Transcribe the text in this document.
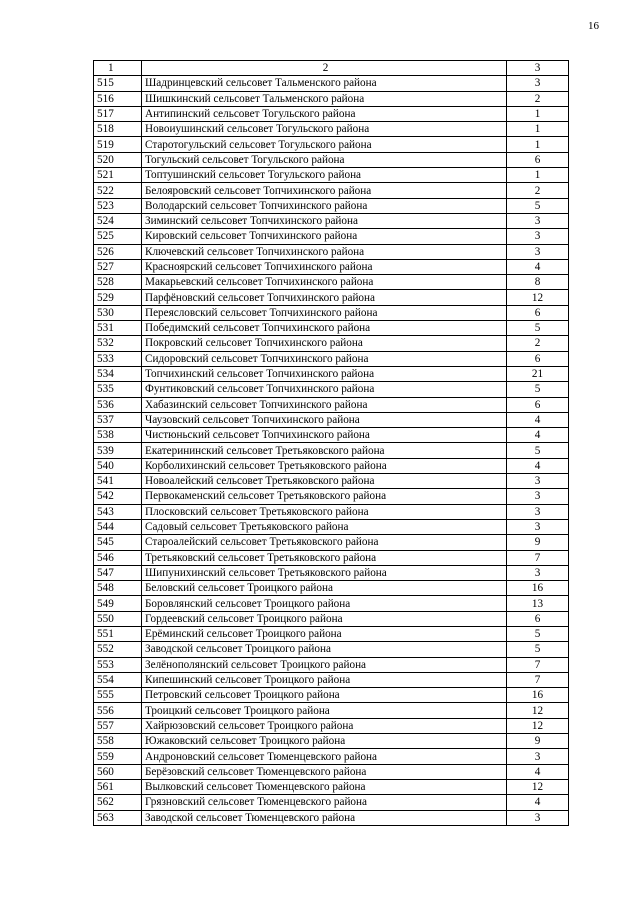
16
1	2	3
515	Шадринцевский сельсовет Тальменского района	3
516	Шишкинский сельсовет Тальменского района	2
517	Антипинский сельсовет Тогульского района	1
518	Новоиушинский сельсовет Тогульского района	1
519	Старотогульский сельсовет Тогульского района	1
520	Тогульский сельсовет Тогульского района	6
521	Топтушинский сельсовет Тогульского района	1
522	Белояровский сельсовет Топчихинского района	2
523	Володарский сельсовет Топчихинского района	5
524	Зиминский сельсовет Топчихинского района	3
525	Кировский сельсовет Топчихинского района	3
526	Ключевский сельсовет Топчихинского района	3
527	Красноярский сельсовет Топчихинского района	4
528	Макарьевский сельсовет Топчихинского района	8
529	Парфёновский сельсовет Топчихинского района	12
530	Переясловский сельсовет Топчихинского района	6
531	Победимский сельсовет Топчихинского района	5
532	Покровский сельсовет Топчихинского района	2
533	Сидоровский сельсовет Топчихинского района	6
534	Топчихинский сельсовет Топчихинского района	21
535	Фунтиковский сельсовет Топчихинского района	5
536	Хабазинский сельсовет Топчихинского района	6
537	Чаузовский сельсовет Топчихинского района	4
538	Чистюньский сельсовет Топчихинского района	4
539	Екатерининский сельсовет Третьяковского района	5
540	Корболихинский сельсовет Третьяковского района	4
541	Новоалейский сельсовет Третьяковского района	3
542	Первокаменский сельсовет Третьяковского района	3
543	Плосковский сельсовет Третьяковского района	3
544	Садовый сельсовет Третьяковского района	3
545	Староалейский сельсовет Третьяковского района	9
546	Третьяковский сельсовет Третьяковского района	7
547	Шипунихинский сельсовет Третьяковского района	3
548	Беловский сельсовет Троицкого района	16
549	Боровлянский сельсовет Троицкого района	13
550	Гордеевский сельсовет Троицкого района	6
551	Ерёминский сельсовет Троицкого района	5
552	Заводской сельсовет Троицкого района	5
553	Зелёнополянский сельсовет Троицкого района	7
554	Кипешинский сельсовет Троицкого района	7
555	Петровский сельсовет Троицкого района	16
556	Троицкий сельсовет Троицкого района	12
557	Хайрюзовский сельсовет Троицкого района	12
558	Южаковский сельсовет Троицкого района	9
559	Андроновский сельсовет Тюменцевского района	3
560	Берёзовский сельсовет Тюменцевского района	4
561	Вылковский сельсовет Тюменцевского района	12
562	Грязновский сельсовет Тюменцевского района	4
563	Заводской сельсовет Тюменцевского района	3
